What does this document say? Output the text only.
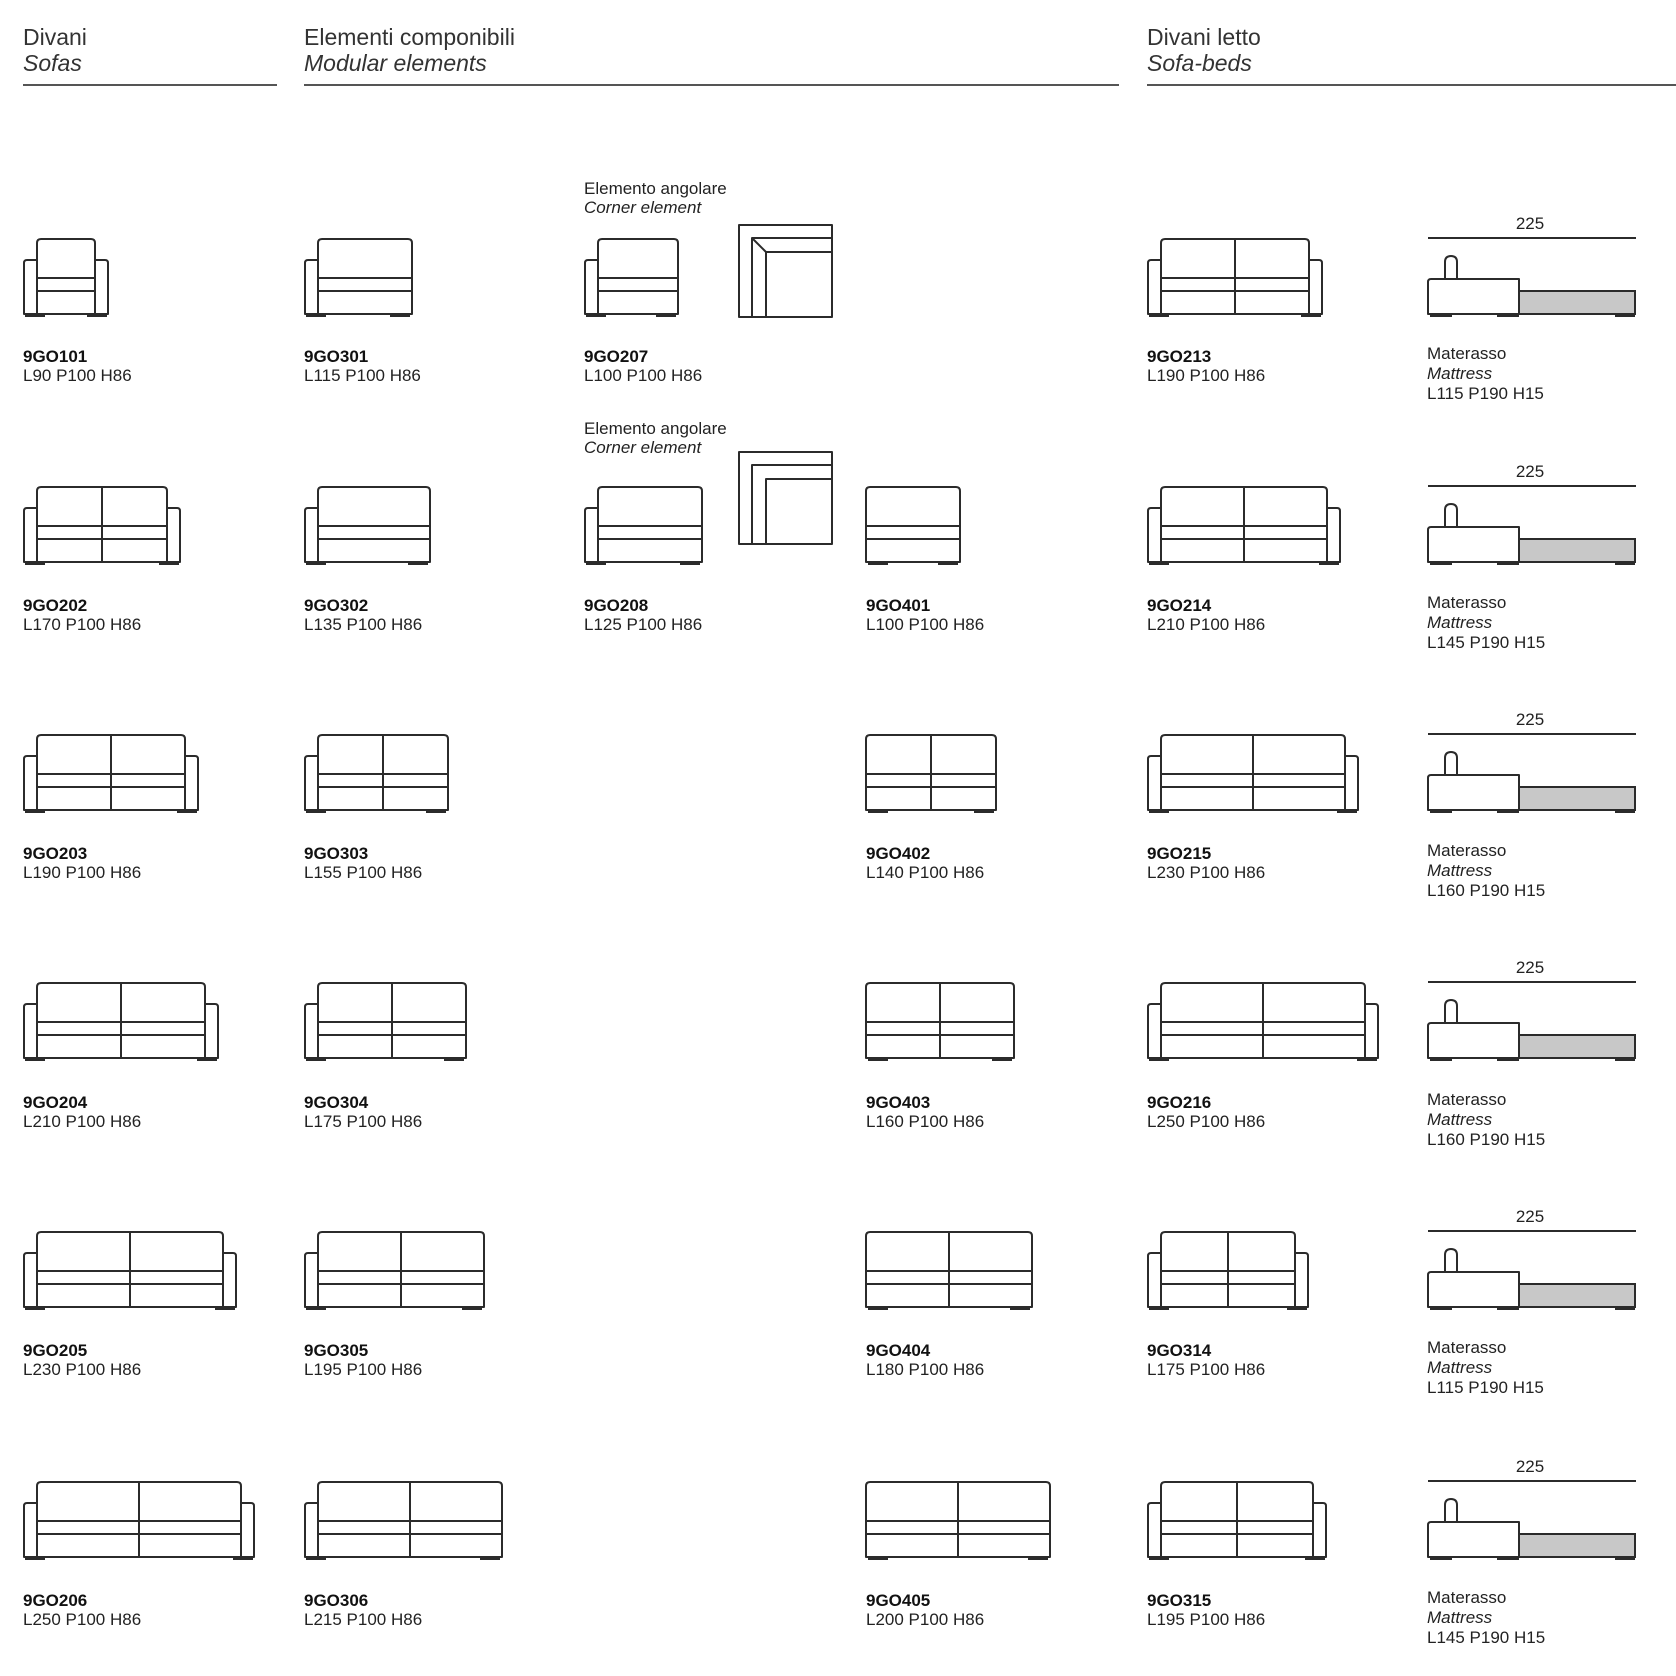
Divani
Sofas
Elementi componibili
Modular elements
Divani letto
Sofa-beds
Elemento angolare
Corner element
Elemento angolare
Corner element
9GO101
L90 P100 H86
9GO202
L170 P100 H86
9GO203
L190 P100 H86
9GO204
L210 P100 H86
9GO205
L230 P100 H86
9GO206
L250 P100 H86
9GO301
L115 P100 H86
9GO302
L135 P100 H86
9GO303
L155 P100 H86
9GO304
L175 P100 H86
9GO305
L195 P100 H86
9GO306
L215 P100 H86
9GO207
L100 P100 H86
9GO208
L125 P100 H86
9GO401
L100 P100 H86
9GO402
L140 P100 H86
9GO403
L160 P100 H86
9GO404
L180 P100 H86
9GO405
L200 P100 H86
9GO213
L190 P100 H86
225
Materasso
Mattress
L115 P190 H15
9GO214
L210 P100 H86
225
Materasso
Mattress
L145 P190 H15
9GO215
L230 P100 H86
225
Materasso
Mattress
L160 P190 H15
9GO216
L250 P100 H86
225
Materasso
Mattress
L160 P190 H15
9GO314
L175 P100 H86
225
Materasso
Mattress
L115 P190 H15
9GO315
L195 P100 H86
225
Materasso
Mattress
L145 P190 H15
